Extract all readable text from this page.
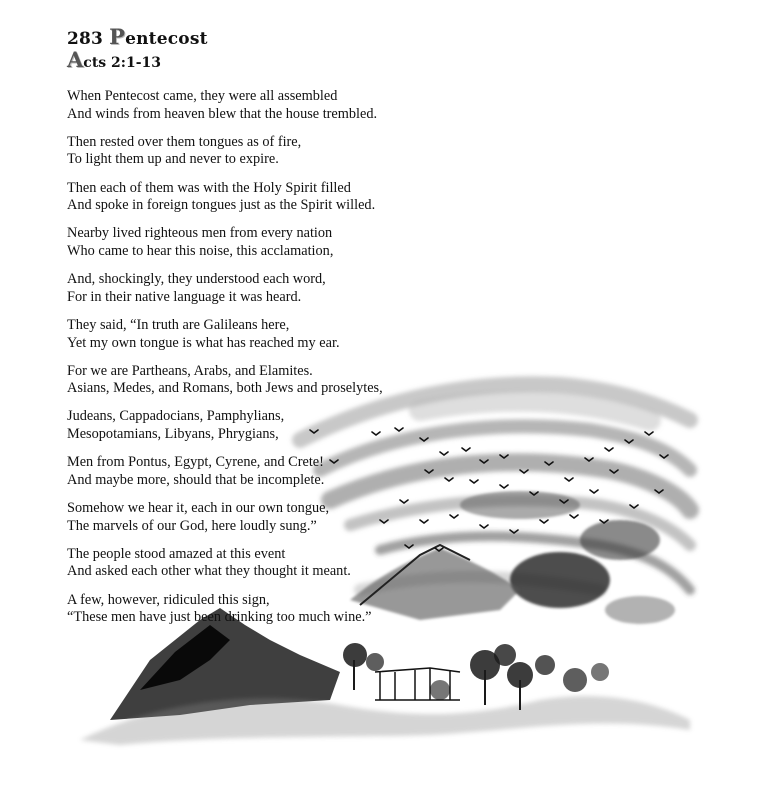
283 Pentecost
Acts 2:1-13
When Pentecost came, they were all assembled
And winds from heaven blew that the house trembled.
Then rested over them tongues as of fire,
To light them up and never to expire.
Then each of them was with the Holy Spirit filled
And spoke in foreign tongues just as the Spirit willed.
Nearby lived righteous men from every nation
Who came to hear this noise, this acclamation,
And, shockingly, they understood each word,
For in their native language it was heard.
They said, “In truth are Galileans here,
Yet my own tongue is what has reached my ear.
For we are Partheans, Arabs, and Elamites.
Asians, Medes, and Romans, both Jews and proselytes,
Judeans, Cappadocians, Pamphylians,
Mesopotamians, Libyans, Phrygians,
Men from Pontus, Egypt, Cyrene, and Crete!
And maybe more, should that be incomplete.
Somehow we hear it, each in our own tongue,
The marvels of our God, here loudly sung.”
The people stood amazed at this event
And asked each other what they thought it meant.
A few, however, ridiculed this sign,
“These men have just been drinking too much wine.”
